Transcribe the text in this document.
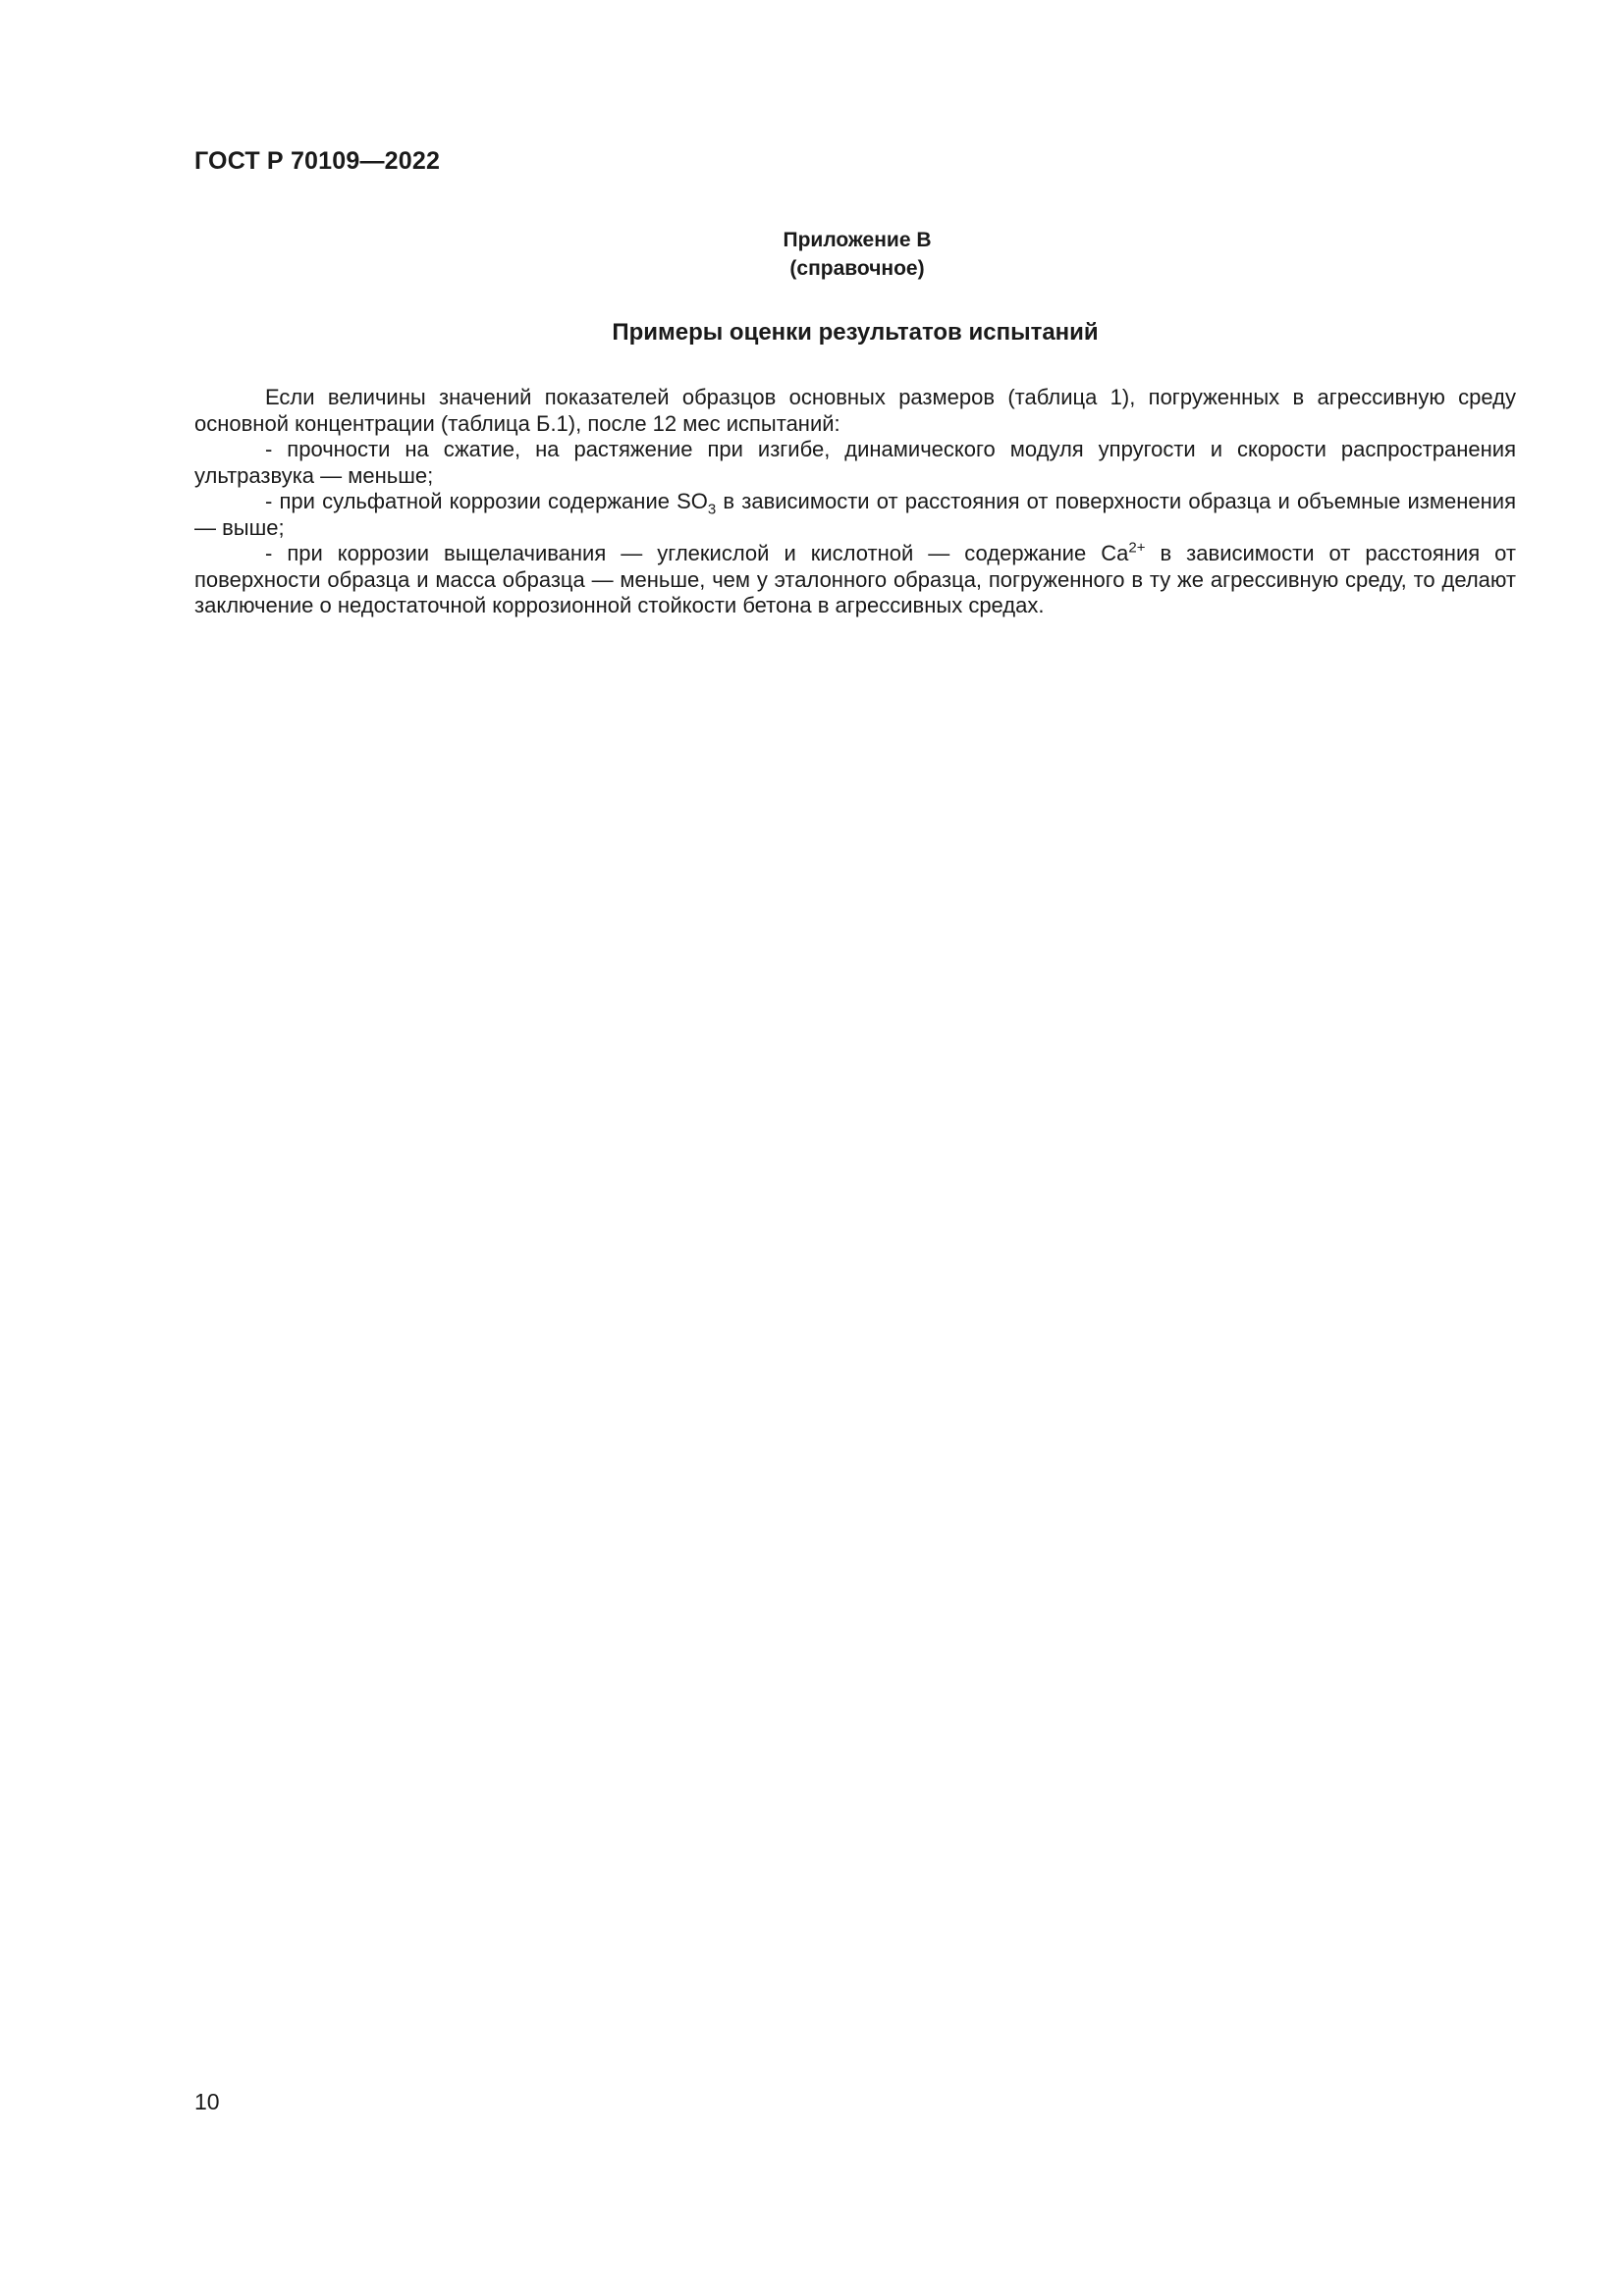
ГОСТ Р 70109—2022
Приложение В
(справочное)
Примеры оценки результатов испытаний

Если величины значений показателей образцов основных размеров (таблица 1), погруженных в агрессивную среду основной концентрации (таблица Б.1), после 12 мес испытаний:

- прочности на сжатие, на растяжение при изгибе, динамического модуля упругости и скорости распространения ультразвука — меньше;

- при сульфатной коррозии содержание $SO_3$ в зависимости от расстояния от поверхности образца и объемные изменения — выше;

- при коррозии выщелачивания — углекислой и кислотной — содержание $Ca^{2+}$ в зависимости от расстояния от поверхности образца и масса образца — меньше, чем у эталонного образца, погруженного в ту же агрессивную среду, то делают заключение о недостаточной коррозионной стойкости бетона в агрессивных средах.

10
